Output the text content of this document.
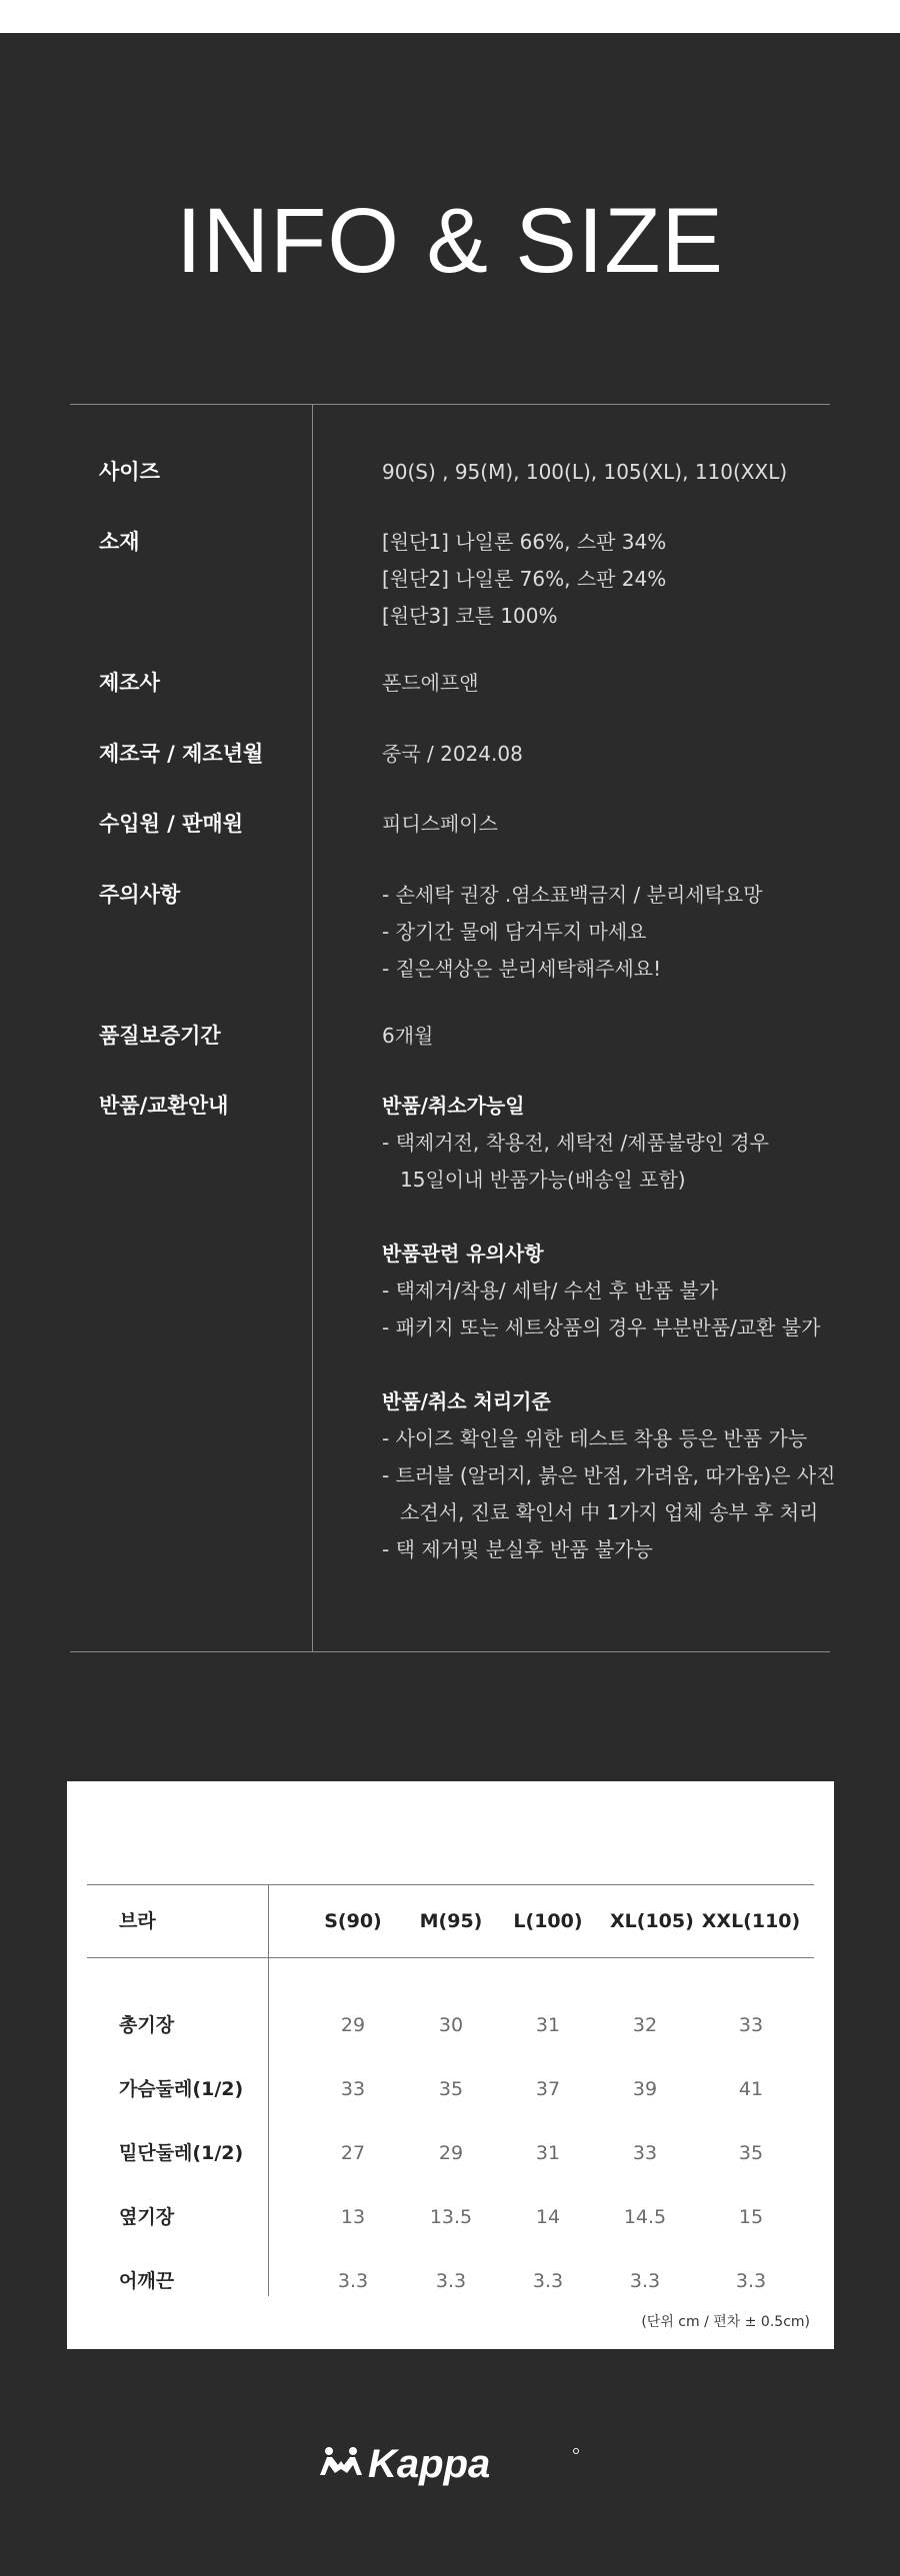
INFO & SIZE
사이즈	90(S) , 95(M), 100(L), 105(XL), 110(XXL)
소재	[원단1] 나일론 66%, 스판 34%
[원단2] 나일론 76%, 스판 24%
[원단3] 코튼 100%
제조사	폰드에프앤
제조국 / 제조년월	중국 / 2024.08
수입원 / 판매원	피디스페이스
주의사항	- 손세탁 권장 .염소표백금지 / 분리세탁요망
- 장기간 물에 담거두지 마세요
- 짙은색상은 분리세탁해주세요!
품질보증기간	6개월
반품/교환안내	반품/취소가능일
- 택제거전, 착용전, 세탁전 /제품불량인 경우
15일이내 반품가능(배송일 포함)
반품관련 유의사항
- 택제거/착용/ 세탁/ 수선 후 반품 불가
- 패키지 또는 세트상품의 경우 부분반품/교환 불가
반품/취소 처리기준
- 사이즈 확인을 위한 테스트 착용 등은 반품 가능
- 트러블 (알러지, 붉은 반점, 가려움, 따가움)은 사진
소견서, 진료 확인서 中 1가지 업체 송부 후 처리
- 택 제거및 분실후 반품 불가능
브라	S(90)	M(95) L(100) XL(105) XXL(110)
총기장	29	30	31	32	33
가슴둘레(1/2)	33	35	37	39	41
밑단둘레(1/2)	27	29	31	33	35
옆기장	13	13.5	14	14.5	15
어깨끈	3.3	3.3	3.3	3.3	3.3
(단위 cm / 편차 ± 0.5cm)
Kappa
